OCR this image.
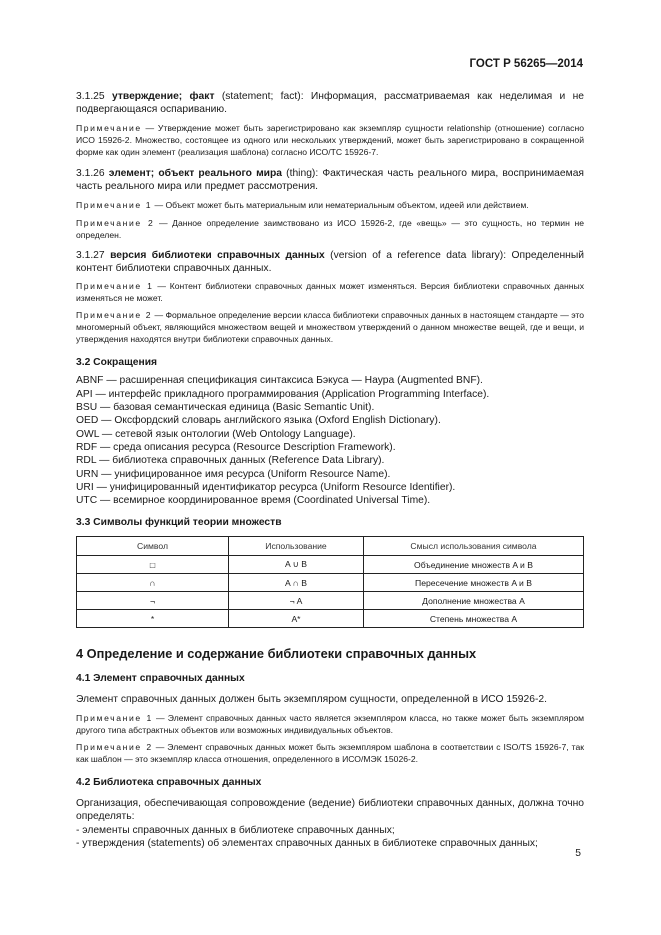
ГОСТ Р 56265—2014

3.1.25 утверждение; факт (statement; fact): Информация, рассматриваемая как неделимая и не подвергающаяся оспариванию.

Примечание — Утверждение может быть зарегистрировано как экземпляр сущности relationship (отношение) согласно ИСО 15926-2. Множество, состоящее из одного или нескольких утверждений, может быть зарегистрировано в сокращенной форме как один элемент (реализация шаблона) согласно ИСО/ТС 15926-7.

3.1.26 элемент; объект реального мира (thing): Фактическая часть реального мира, воспринимаемая часть реального мира или предмет рассмотрения.

Примечание 1 — Объект может быть материальным или нематериальным объектом, идеей или действием.

Примечание 2 — Данное определение заимствовано из ИСО 15926-2, где «вещь» — это сущность, но термин не определен.

3.1.27 версия библиотеки справочных данных (version of a reference data library): Определенный контент библиотеки справочных данных.

Примечание 1 — Контент библиотеки справочных данных может изменяться. Версия библиотеки справочных данных изменяться не может.

Примечание 2 — Формальное определение версии класса библиотеки справочных данных в настоящем стандарте — это многомерный объект, являющийся множеством вещей и множеством утверждений о данном множестве вещей, где и вещи, и утверждения находятся внутри библиотеки справочных данных.

3.2 Сокращения

ABNF — расширенная спецификация синтаксиса Бэкуса — Наура (Augmented BNF).

API — интерфейс прикладного программирования (Application Programming Interface).

BSU — базовая семантическая единица (Basic Semantic Unit).

OED — Оксфордский словарь английского языка (Oxford English Dictionary).

OWL — сетевой язык онтологии (Web Ontology Language).

RDF — среда описания ресурса (Resource Description Framework).

RDL — библиотека справочных данных (Reference Data Library).

URN — унифицированное имя ресурса (Uniform Resource Name).

URI — унифицированный идентификатор ресурса (Uniform Resource Identifier).

UTC — всемирное координированное время (Coordinated Universal Time).

3.3 Символы функций теории множеств

Символ	Использование	Смысл использования символа
□	A ∪ B	Объединение множеств A и B
∩	A ∩ B	Пересечение множеств A и B
¬	¬ A	Дополнение множества A
*	A*	Степень множества A

4 Определение и содержание библиотеки справочных данных

4.1 Элемент справочных данных

Элемент справочных данных должен быть экземпляром сущности, определенной в ИСО 15926-2.

Примечание 1 — Элемент справочных данных часто является экземпляром класса, но также может быть экземпляром другого типа абстрактных объектов или возможных индивидуальных объектов.

Примечание 2 — Элемент справочных данных может быть экземпляром шаблона в соответствии с ISO/TS 15926-7, так как шаблон — это экземпляр класса отношения, определенного в ИСО/МЭК 15026-2.

4.2 Библиотека справочных данных

Организация, обеспечивающая сопровождение (ведение) библиотеки справочных данных, должна точно определять:

- элементы справочных данных в библиотеке справочных данных;

- утверждения (statements) об элементах справочных данных в библиотеке справочных данных;

5
